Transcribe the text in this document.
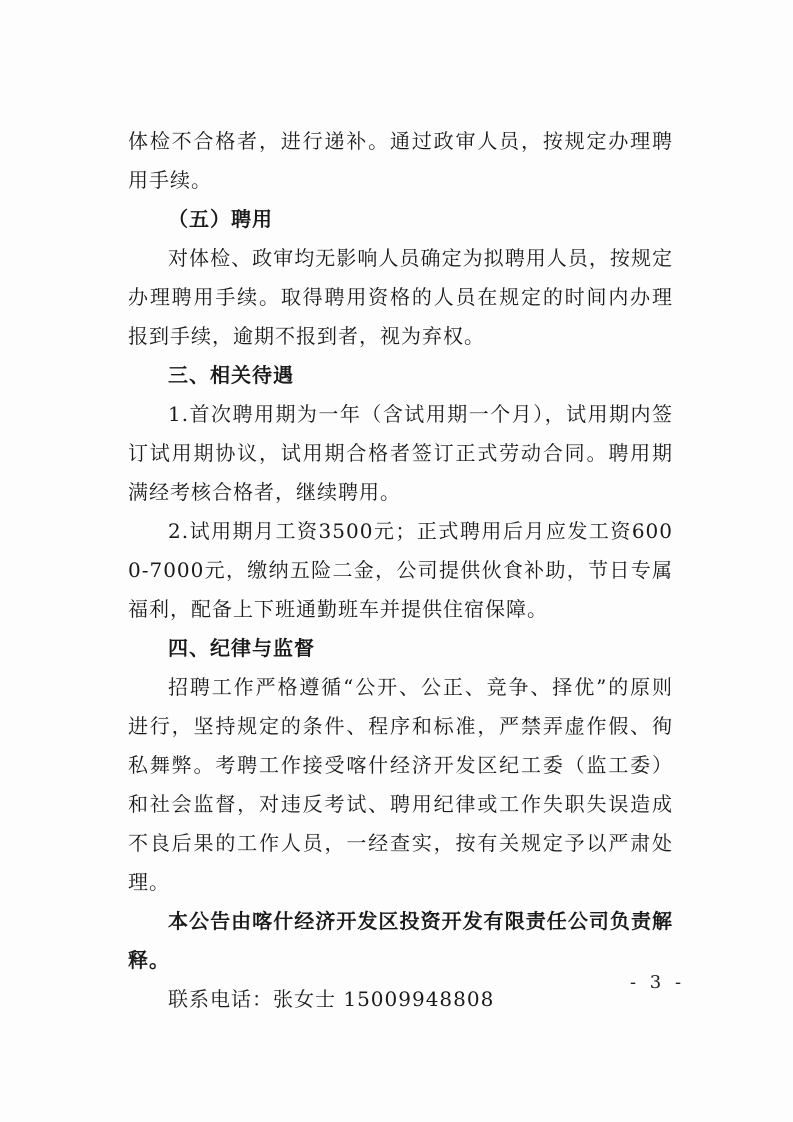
体检不合格者，进行递补。通过政审人员，按规定办理聘用手续。

（五）聘用

对体检、政审均无影响人员确定为拟聘用人员，按规定办理聘用手续。取得聘用资格的人员在规定的时间内办理报到手续，逾期不报到者，视为弃权。

三、相关待遇

1.首次聘用期为一年（含试用期一个月），试用期内签订试用期协议，试用期合格者签订正式劳动合同。聘用期满经考核合格者，继续聘用。

2.试用期月工资3500元；正式聘用后月应发工资6000-7000元，缴纳五险二金，公司提供伙食补助，节日专属福利，配备上下班通勤班车并提供住宿保障。

四、纪律与监督

招聘工作严格遵循“公开、公正、竞争、择优”的原则进行，坚持规定的条件、程序和标准，严禁弄虚作假、徇私舞弊。考聘工作接受喀什经济开发区纪工委（监工委）和社会监督，对违反考试、聘用纪律或工作失职失误造成不良后果的工作人员，一经查实，按有关规定予以严肃处理。

本公告由喀什经济开发区投资开发有限责任公司负责解释。

联系电话：张女士 15009948808

- 3 -
